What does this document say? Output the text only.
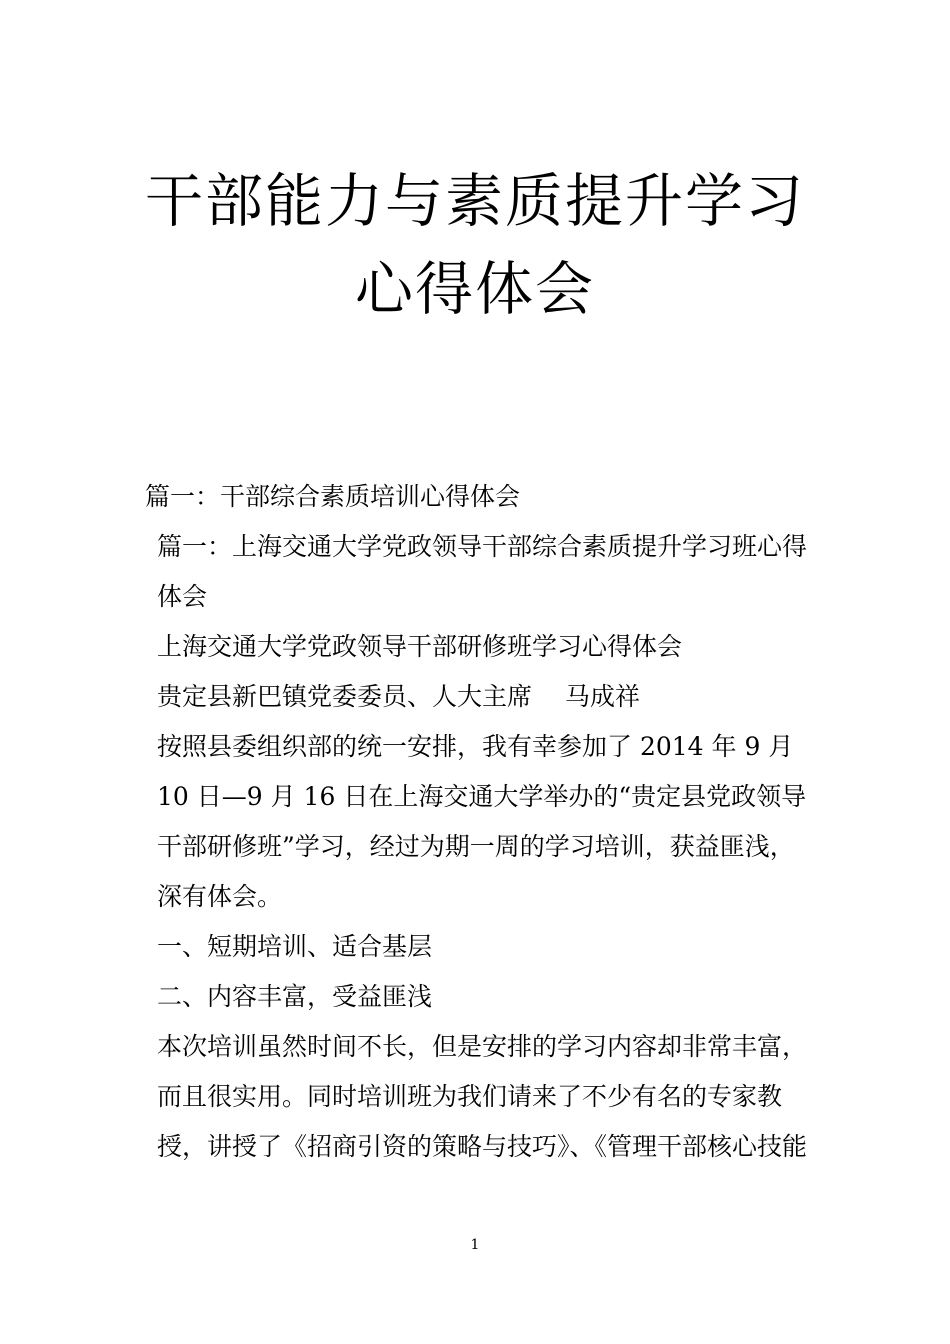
干部能力与素质提升学习
心得体会

篇一：干部综合素质培训心得体会

篇一：上海交通大学党政领导干部综合素质提升学习班心得体会

上海交通大学党政领导干部研修班学习心得体会

贵定县新巴镇党委委员、人大主席　 马成祥

按照县委组织部的统一安排，我有幸参加了 2014 年 9 月 10 日—9 月 16 日在上海交通大学举办的“贵定县党政领导干部研修班”学习，经过为期一周的学习培训，获益匪浅，深有体会。

一、短期培训、适合基层

二、内容丰富，受益匪浅

本次培训虽然时间不长，但是安排的学习内容却非常丰富，而且很实用。同时培训班为我们请来了不少有名的专家教授，讲授了《招商引资的策略与技巧》、《管理干部核心技能

1
